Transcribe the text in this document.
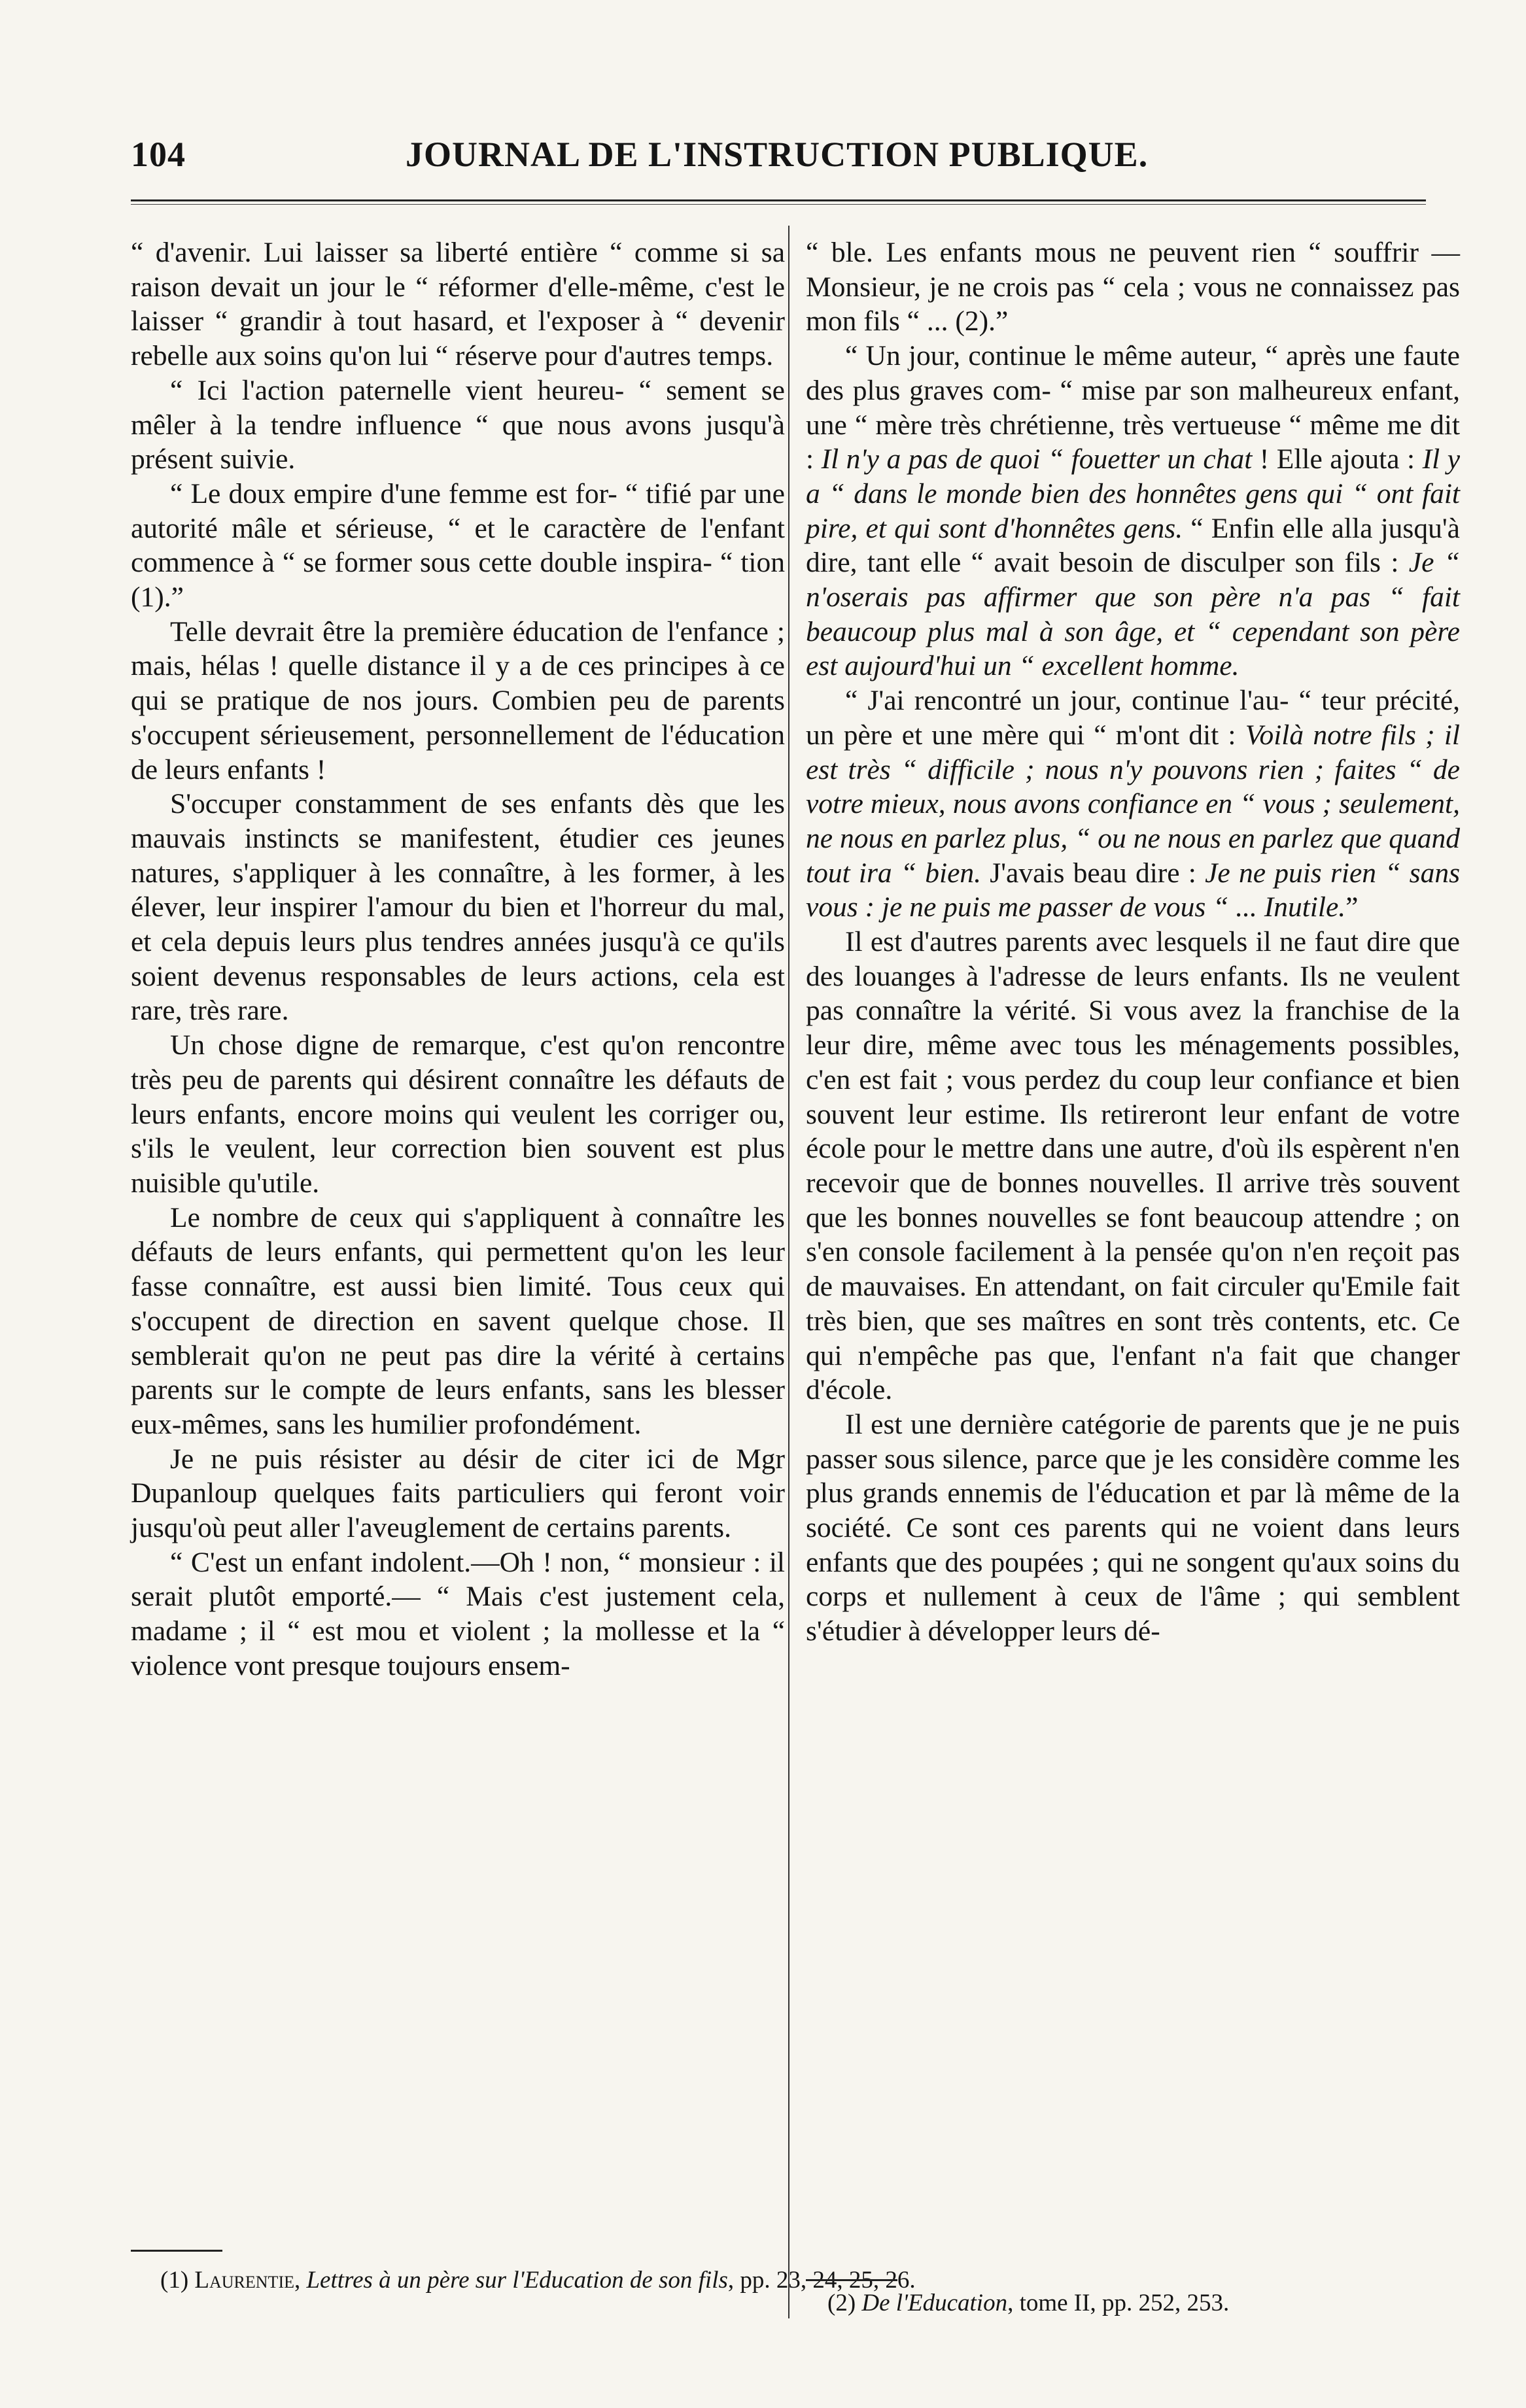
104	JOURNAL DE L'INSTRUCTION PUBLIQUE.

“ d'avenir. Lui laisser sa liberté entière “ comme si sa raison devait un jour le “ réformer d'elle-même, c'est le laisser “ grandir à tout hasard, et l'exposer à “ devenir rebelle aux soins qu'on lui “ réserve pour d'autres temps.

“ Ici l'action paternelle vient heureu- “ sement se mêler à la tendre influence “ que nous avons jusqu'à présent suivie.

“ Le doux empire d'une femme est for- “ tifié par une autorité mâle et sérieuse, “ et le caractère de l'enfant commence à “ se former sous cette double inspira- “ tion (1).”

Telle devrait être la première éducation de l'enfance ; mais, hélas ! quelle distance il y a de ces principes à ce qui se pratique de nos jours. Combien peu de parents s'occupent sérieusement, personnellement de l'éducation de leurs enfants !

S'occuper constamment de ses enfants dès que les mauvais instincts se manifestent, étudier ces jeunes natures, s'appliquer à les connaître, à les former, à les élever, leur inspirer l'amour du bien et l'horreur du mal, et cela depuis leurs plus tendres années jusqu'à ce qu'ils soient devenus responsables de leurs actions, cela est rare, très rare.

Un chose digne de remarque, c'est qu'on rencontre très peu de parents qui désirent connaître les défauts de leurs enfants, encore moins qui veulent les corriger ou, s'ils le veulent, leur correction bien souvent est plus nuisible qu'utile.

Le nombre de ceux qui s'appliquent à connaître les défauts de leurs enfants, qui permettent qu'on les leur fasse connaître, est aussi bien limité. Tous ceux qui s'occupent de direction en savent quelque chose. Il semblerait qu'on ne peut pas dire la vérité à certains parents sur le compte de leurs enfants, sans les blesser eux-mêmes, sans les humilier profondément.

Je ne puis résister au désir de citer ici de Mgr Dupanloup quelques faits particuliers qui feront voir jusqu'où peut aller l'aveuglement de certains parents.

“ C'est un enfant indolent.—Oh ! non, “ monsieur : il serait plutôt emporté.— “ Mais c'est justement cela, madame ; il “ est mou et violent ; la mollesse et la “ violence vont presque toujours ensem-

“ ble. Les enfants mous ne peuvent rien “ souffrir — Monsieur, je ne crois pas “ cela ; vous ne connaissez pas mon fils “ ... (2).”

“ Un jour, continue le même auteur, “ après une faute des plus graves com- “ mise par son malheureux enfant, une “ mère très chrétienne, très vertueuse “ même me dit : Il n'y a pas de quoi “ fouetter un chat ! Elle ajouta : Il y a “ dans le monde bien des honnêtes gens qui “ ont fait pire, et qui sont d'honnêtes gens. “ Enfin elle alla jusqu'à dire, tant elle “ avait besoin de disculper son fils : Je “ n'oserais pas affirmer que son père n'a pas “ fait beaucoup plus mal à son âge, et “ cependant son père est aujourd'hui un “ excellent homme.

“ J'ai rencontré un jour, continue l'au- “ teur précité, un père et une mère qui “ m'ont dit : Voilà notre fils ; il est très “ difficile ; nous n'y pouvons rien ; faites “ de votre mieux, nous avons confiance en “ vous ; seulement, ne nous en parlez plus, “ ou ne nous en parlez que quand tout ira “ bien. J'avais beau dire : Je ne puis rien “ sans vous : je ne puis me passer de vous “ ... Inutile.”

Il est d'autres parents avec lesquels il ne faut dire que des louanges à l'adresse de leurs enfants. Ils ne veulent pas connaître la vérité. Si vous avez la franchise de la leur dire, même avec tous les ménagements possibles, c'en est fait ; vous perdez du coup leur confiance et bien souvent leur estime. Ils retireront leur enfant de votre école pour le mettre dans une autre, d'où ils espèrent n'en recevoir que de bonnes nouvelles. Il arrive très souvent que les bonnes nouvelles se font beaucoup attendre ; on s'en console facilement à la pensée qu'on n'en reçoit pas de mauvaises. En attendant, on fait circuler qu'Emile fait très bien, que ses maîtres en sont très contents, etc. Ce qui n'empêche pas que, l'enfant n'a fait que changer d'école.

Il est une dernière catégorie de parents que je ne puis passer sous silence, parce que je les considère comme les plus grands ennemis de l'éducation et par là même de la société. Ce sont ces parents qui ne voient dans leurs enfants que des poupées ; qui ne songent qu'aux soins du corps et nullement à ceux de l'âme ; qui semblent s'étudier à développer leurs dé-

(1) Laurentie, Lettres à un père sur l'Education de son fils, pp. 23, 24, 25, 26.
(2) De l'Education, tome II, pp. 252, 253.
